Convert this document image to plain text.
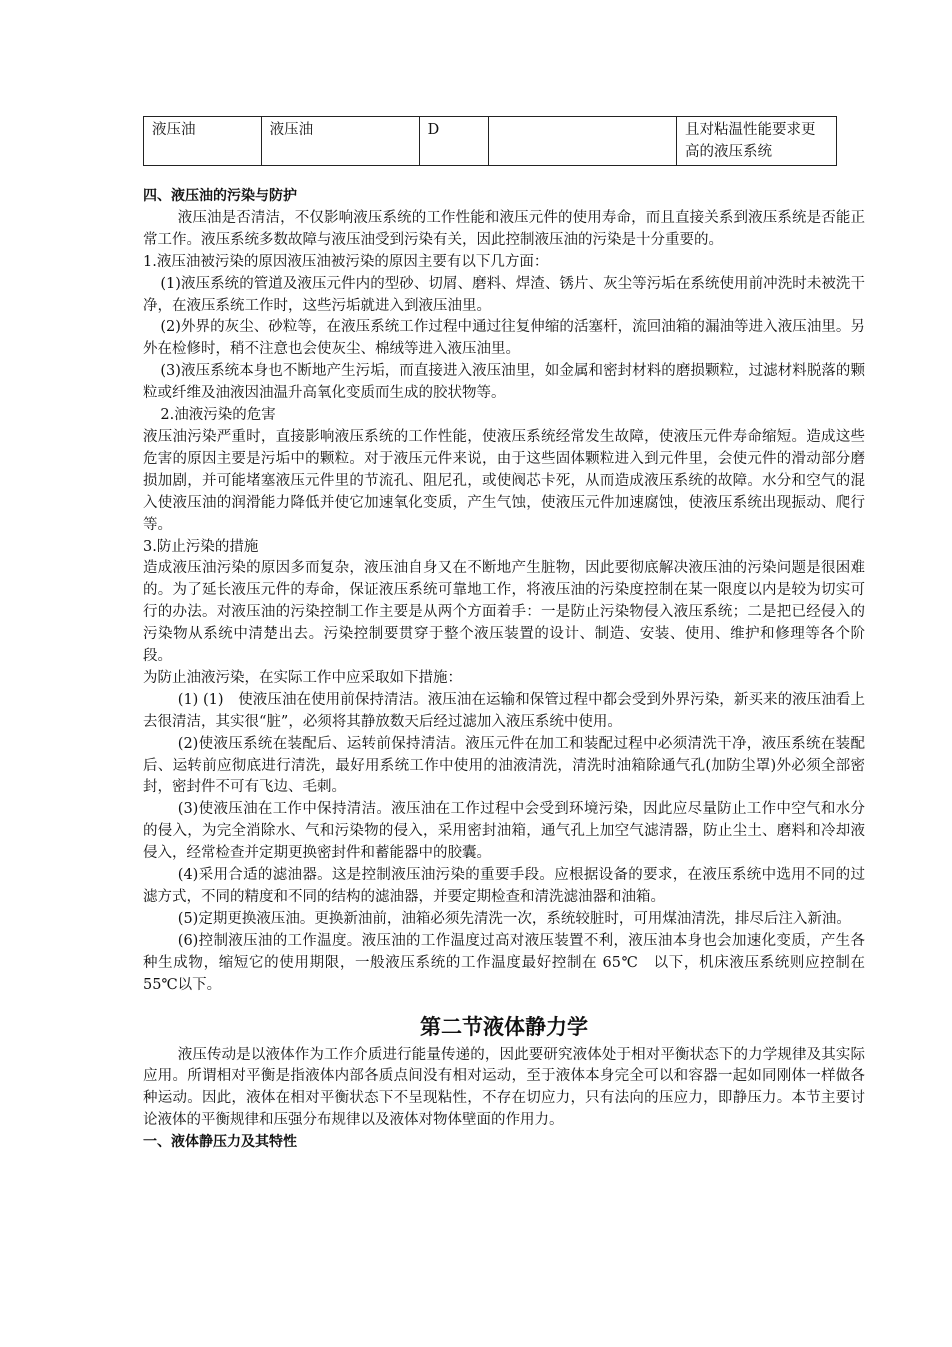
液压油	液压油	D		且对粘温性能要求更高的液压系统

四、液压油的污染与防护

液压油是否清洁，不仅影响液压系统的工作性能和液压元件的使用寿命，而且直接关系到液压系统是否能正常工作。液压系统多数故障与液压油受到污染有关，因此控制液压油的污染是十分重要的。

1.液压油被污染的原因液压油被污染的原因主要有以下几方面：

(1)液压系统的管道及液压元件内的型砂、切屑、磨料、焊渣、锈片、灰尘等污垢在系统使用前冲洗时未被洗干净，在液压系统工作时，这些污垢就进入到液压油里。

(2)外界的灰尘、砂粒等，在液压系统工作过程中通过往复伸缩的活塞杆，流回油箱的漏油等进入液压油里。另外在检修时，稍不注意也会使灰尘、棉绒等进入液压油里。

(3)液压系统本身也不断地产生污垢，而直接进入液压油里，如金属和密封材料的磨损颗粒，过滤材料脱落的颗粒或纤维及油液因油温升高氧化变质而生成的胶状物等。

2.油液污染的危害

液压油污染严重时，直接影响液压系统的工作性能，使液压系统经常发生故障，使液压元件寿命缩短。造成这些危害的原因主要是污垢中的颗粒。对于液压元件来说，由于这些固体颗粒进入到元件里，会使元件的滑动部分磨损加剧，并可能堵塞液压元件里的节流孔、阻尼孔，或使阀芯卡死，从而造成液压系统的故障。水分和空气的混入使液压油的润滑能力降低并使它加速氧化变质，产生气蚀，使液压元件加速腐蚀，使液压系统出现振动、爬行等。

3.防止污染的措施

造成液压油污染的原因多而复杂，液压油自身又在不断地产生脏物，因此要彻底解决液压油的污染问题是很困难的。为了延长液压元件的寿命，保证液压系统可靠地工作，将液压油的污染度控制在某一限度以内是较为切实可行的办法。对液压油的污染控制工作主要是从两个方面着手：一是防止污染物侵入液压系统；二是把已经侵入的污染物从系统中清楚出去。污染控制要贯穿于整个液压装置的设计、制造、安装、使用、维护和修理等各个阶段。

为防止油液污染，在实际工作中应采取如下措施：

(1) (1)　使液压油在使用前保持清洁。液压油在运输和保管过程中都会受到外界污染，新买来的液压油看上去很清洁，其实很“脏”，必须将其静放数天后经过滤加入液压系统中使用。

(2)使液压系统在装配后、运转前保持清洁。液压元件在加工和装配过程中必须清洗干净，液压系统在装配后、运转前应彻底进行清洗，最好用系统工作中使用的油液清洗，清洗时油箱除通气孔(加防尘罩)外必须全部密封，密封件不可有飞边、毛刺。

(3)使液压油在工作中保持清洁。液压油在工作过程中会受到环境污染，因此应尽量防止工作中空气和水分的侵入，为完全消除水、气和污染物的侵入，采用密封油箱，通气孔上加空气滤清器，防止尘土、磨料和冷却液侵入，经常检查并定期更换密封件和蓄能器中的胶囊。

(4)采用合适的滤油器。这是控制液压油污染的重要手段。应根据设备的要求，在液压系统中选用不同的过滤方式，不同的精度和不同的结构的滤油器，并要定期检查和清洗滤油器和油箱。

(5)定期更换液压油。更换新油前，油箱必须先清洗一次，系统较脏时，可用煤油清洗，排尽后注入新油。

(6)控制液压油的工作温度。液压油的工作温度过高对液压装置不利，液压油本身也会加速化变质，产生各种生成物，缩短它的使用期限，一般液压系统的工作温度最好控制在 65℃　以下，机床液压系统则应控制在 55℃以下。

第二节液体静力学

液压传动是以液体作为工作介质进行能量传递的，因此要研究液体处于相对平衡状态下的力学规律及其实际应用。所谓相对平衡是指液体内部各质点间没有相对运动，至于液体本身完全可以和容器一起如同刚体一样做各种运动。因此，液体在相对平衡状态下不呈现粘性，不存在切应力，只有法向的压应力，即静压力。本节主要讨论液体的平衡规律和压强分布规律以及液体对物体壁面的作用力。

一、液体静压力及其特性
